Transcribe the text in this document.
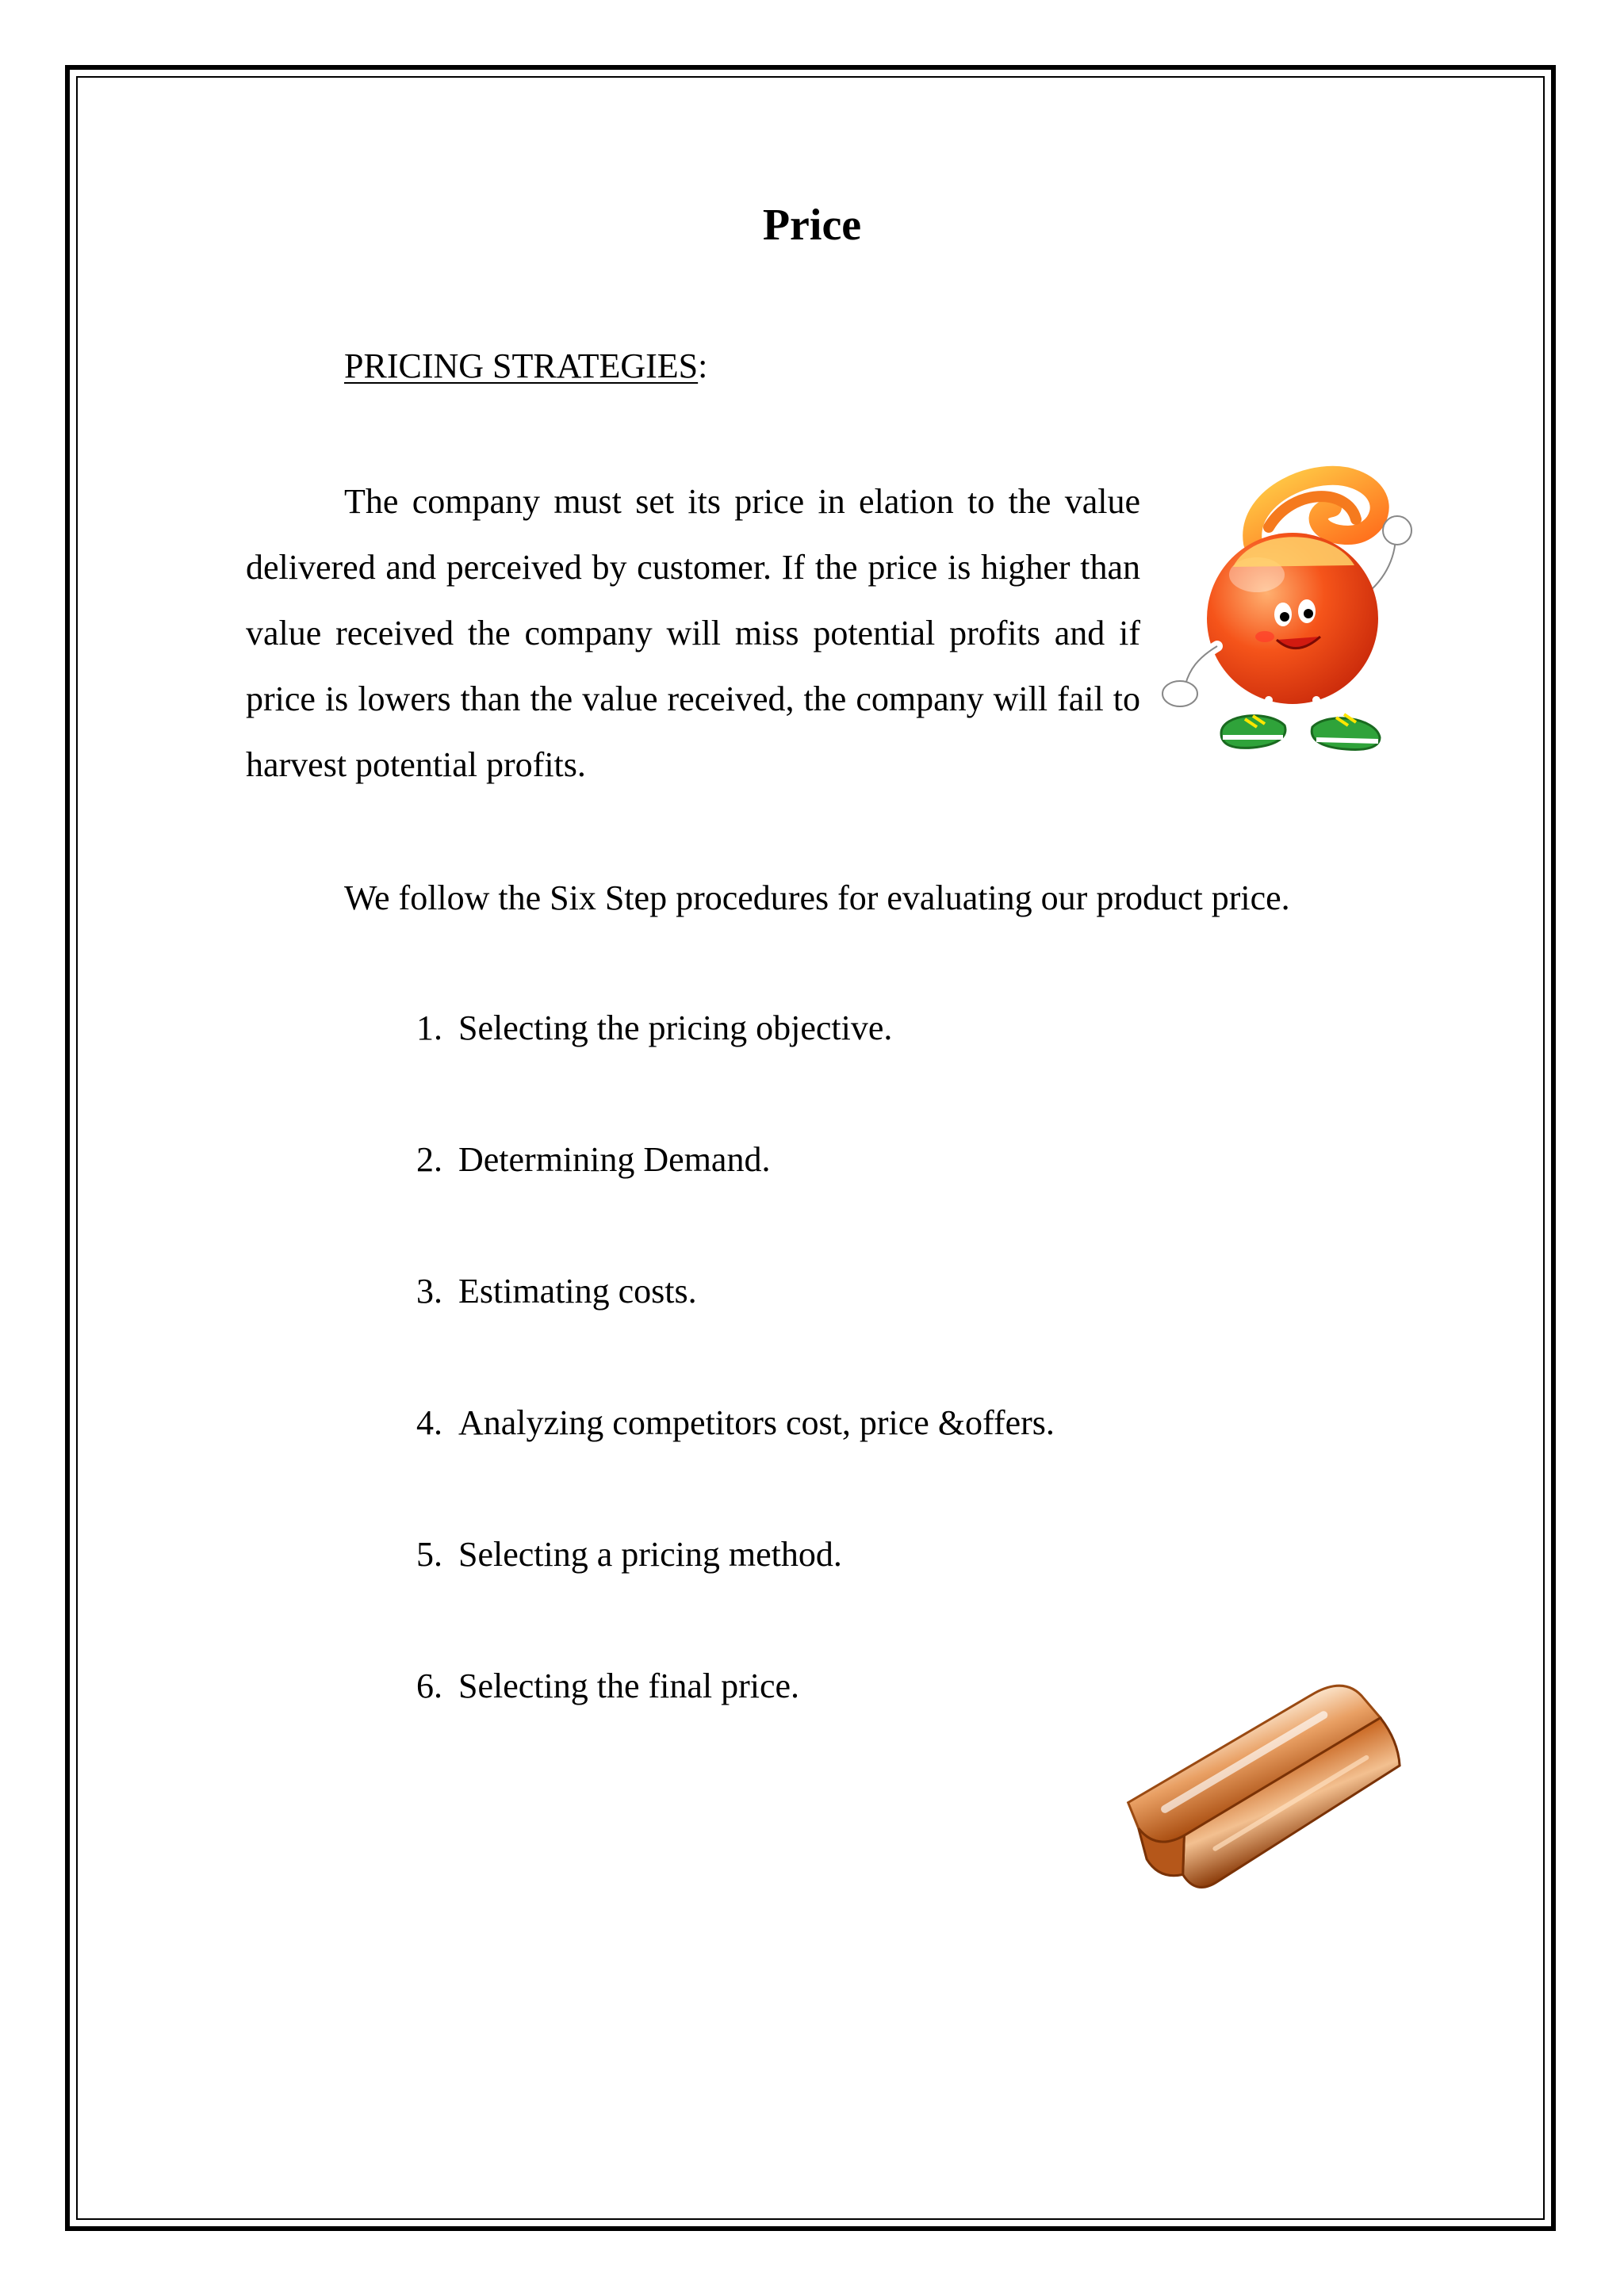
Price
PRICING STRATEGIES:
The company must set its price in elation to the value delivered and perceived by customer. If the price is higher than value received the company will miss potential profits and if price is lowers than the value received, the company will fail to harvest potential profits.
We follow the Six Step procedures for evaluating our product price.
1. Selecting the pricing objective.
2. Determining Demand.
3. Estimating costs.
4. Analyzing competitors cost, price &offers.
5. Selecting a pricing method.
6. Selecting the final price.
